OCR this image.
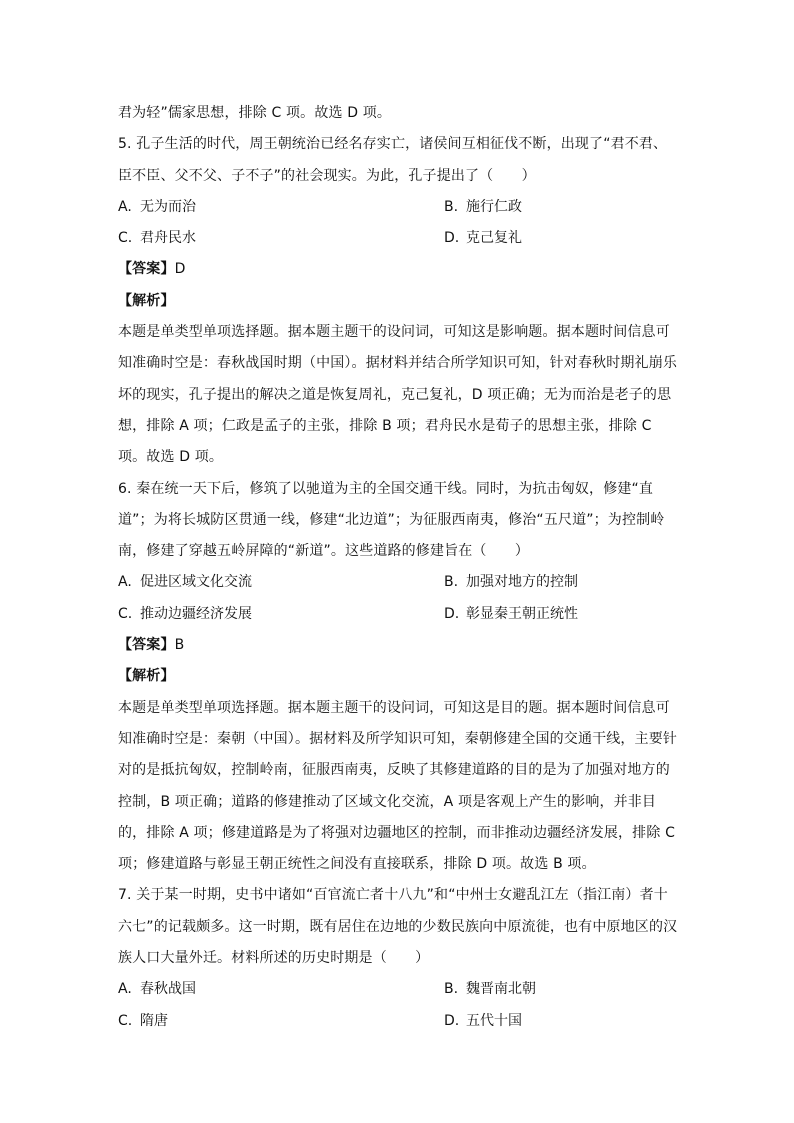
君为轻”儒家思想，排除 C 项。故选 D 项。
5. 孔子生活的时代，周王朝统治已经名存实亡，诸侯间互相征伐不断，出现了“君不君、
臣不臣、父不父、子不子”的社会现实。为此，孔子提出了（　　）
A. 无为而治	B. 施行仁政
C. 君舟民水	D. 克己复礼
【答案】D
【解析】
本题是单类型单项选择题。据本题主题干的设问词，可知这是影响题。据本题时间信息可
知准确时空是：春秋战国时期（中国）。据材料并结合所学知识可知，针对春秋时期礼崩乐
坏的现实，孔子提出的解决之道是恢复周礼，克己复礼，D 项正确；无为而治是老子的思
想，排除 A 项；仁政是孟子的主张，排除 B 项；君舟民水是荀子的思想主张，排除 C
项。故选 D 项。
6. 秦在统一天下后，修筑了以驰道为主的全国交通干线。同时，为抗击匈奴，修建“直
道”；为将长城防区贯通一线，修建“北边道”；为征服西南夷，修治“五尺道”；为控制岭
南，修建了穿越五岭屏障的“新道”。这些道路的修建旨在（　　）
A. 促进区域文化交流	B. 加强对地方的控制
C. 推动边疆经济发展	D. 彰显秦王朝正统性
【答案】B
【解析】
本题是单类型单项选择题。据本题主题干的设问词，可知这是目的题。据本题时间信息可
知准确时空是：秦朝（中国）。据材料及所学知识可知，秦朝修建全国的交通干线，主要针
对的是抵抗匈奴，控制岭南，征服西南夷，反映了其修建道路的目的是为了加强对地方的
控制，B 项正确；道路的修建推动了区域文化交流，A 项是客观上产生的影响，并非目
的，排除 A 项；修建道路是为了将强对边疆地区的控制，而非推动边疆经济发展，排除 C
项；修建道路与彰显王朝正统性之间没有直接联系，排除 D 项。故选 B 项。
7. 关于某一时期，史书中诸如“百官流亡者十八九”和“中州士女避乱江左（指江南）者十
六七”的记载颇多。这一时期，既有居住在边地的少数民族向中原流徙，也有中原地区的汉
族人口大量外迁。材料所述的历史时期是（　　）
A. 春秋战国	B. 魏晋南北朝
C. 隋唐	D. 五代十国
